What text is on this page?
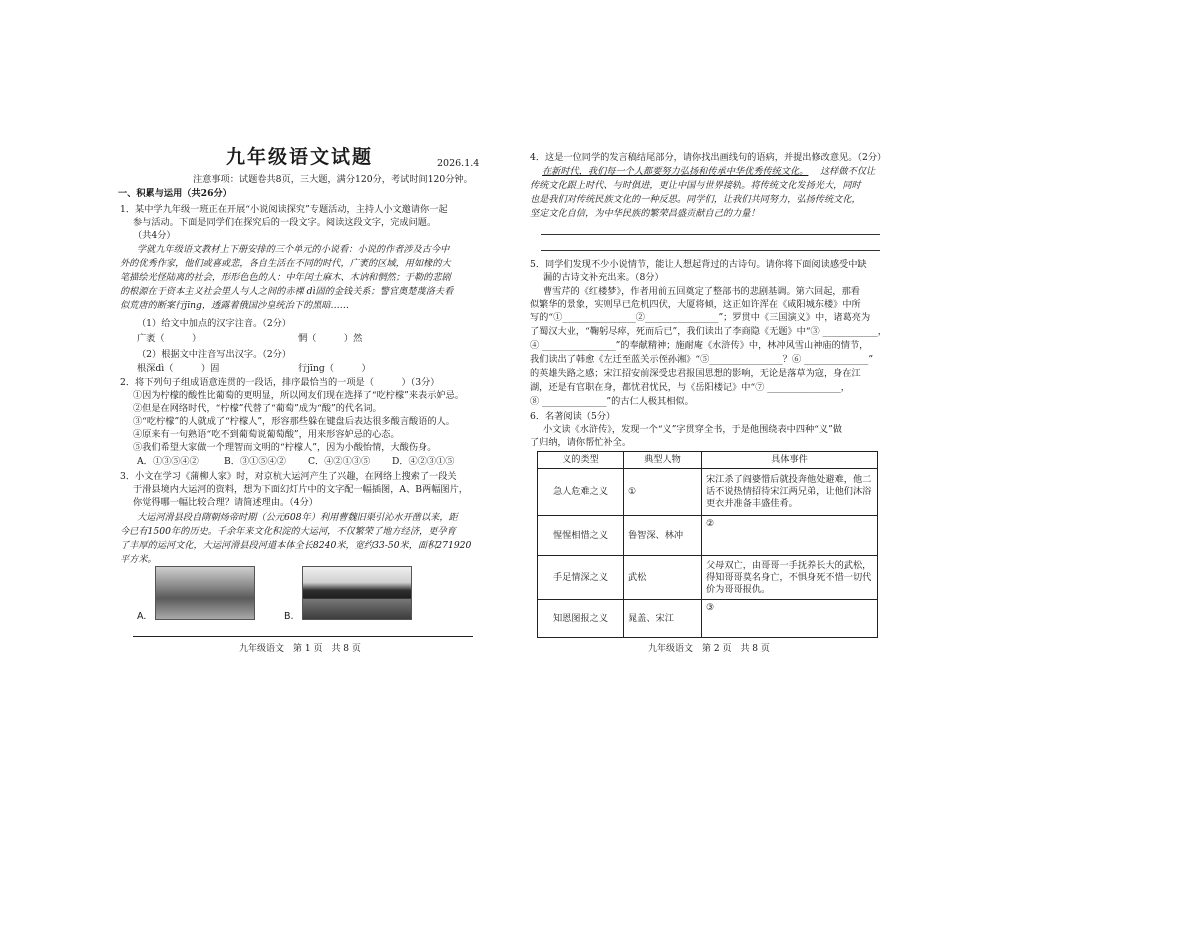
九年级语文试题	2026.1.4
注意事项：试题卷共8页，三大题，满分120分，考试时间120分钟。
一、积累与运用（共26分）
1．某中学九年级一班正在开展“小说阅读探究”专题活动，主持人小文邀请你一起
参与活动。下面是同学们在探究后的一段文字。阅读这段文字，完成问题。
（共4分）
学就九年级语文教材上下册安排的三个单元的小说看：小说的作者涉及古今中
外的优秀作家，他们或喜或悲，各自生活在不同的时代，广袤的区域，用如椽的大
笔描绘光怪陆离的社会，形形色色的人：中年闰土麻木、木讷和惘然；于勒的悲剧
的根源在于资本主义社会里人与人之间的赤裸 dì固的金钱关系；警官奥楚蔑洛夫看
似荒唐的断案行jīng，透露着俄国沙皇统治下的黑暗……
（1）给文中加点的汉字注音。（2分）
广袤（　　　）	惘（　　　）然
（2）根据文中注音写出汉字。（2分）
根深dì（　　　）固	行jīng（　　　）
2．将下列句子组成语意连贯的一段话，排序最恰当的一项是（　　　）（3分）
①因为柠檬的酸性比葡萄的更明显，所以网友们现在选择了“吃柠檬”来表示妒忌。
②但是在网络时代，“柠檬”代替了“葡萄”成为“酸”的代名词。
③“吃柠檬”的人就成了“柠檬人”，形容那些躲在键盘后表达很多酸言酸语的人。
④原来有一句熟语“吃不到葡萄说葡萄酸”，用来形容妒忌的心态。
⑤我们希望大家做一个理智而文明的“柠檬人”，因为小酸怡情，大酸伤身。
A．①③⑤④②	B．③①⑤④② C．④②①③⑤ D．④②③①⑤
3．小文在学习《蒲柳人家》时，对京杭大运河产生了兴趣，在网络上搜索了一段关
于滑县境内大运河的资料，想为下面幻灯片中的文字配一幅插图，A、B两幅图片，
你觉得哪一幅比较合理？请简述理由。（4分）
大运河滑县段自隋朝炀帝时期（公元608年）利用曹魏旧渠引沁水开凿以来，距
今已有1500年的历史。千余年来文化积淀的大运河，不仅繁荣了地方经济，更孕育
了丰厚的运河文化，大运河滑县段河道本体全长8240米，宽约33-50米，面积271920
平方米。
A.	B.
九年级语文　第 1 页　共 8 页
4．这是一位同学的发言稿结尾部分，请你找出画线句的语病，并提出修改意见。（2分）
在新时代，我们每一个人都要努力弘扬和传承中华优秀传统文化。 这样做不仅让
传统文化跟上时代、与时俱进，更让中国与世界接轨。将传统文化发扬光大，同时
也是我们对传统民族文化的一种反思。同学们，让我们共同努力，弘扬传统文化，
坚定文化自信，为中华民族的繁荣昌盛贡献自己的力量！
5．同学们发现不少小说情节，能让人想起背过的古诗句。请你将下面阅读感受中缺
漏的古诗文补充出来。（8分）
曹雪芹的《红楼梦》，作者用前五回奠定了整部书的悲剧基调。第六回起，那看
似繁华的景象，实则早已危机四伏，大厦将倾，这正如许浑在《咸阳城东楼》中所
写的“①________________②________________”；罗贯中《三国演义》中，诸葛亮为
了蜀汉大业，“鞠躬尽瘁，死而后已”，我们读出了李商隐《无题》中“③ ____________，
④ ________________”的奉献精神；施耐庵《水浒传》中，林冲风雪山神庙的情节，
我们读出了韩愈《左迁至蓝关示侄孙湘》“⑤________________？⑥ ______________”
的英雄失路之感；宋江招安前深受忠君报国思想的影响，无论是落草为寇，身在江
湖，还是有官职在身，都忧君忧民，与《岳阳楼记》中“⑦ ________________，
⑧ ______________”的古仁人极其相似。
6．名著阅读（5分）
小文读《水浒传》，发现一个“义”字贯穿全书，于是他围绕表中四种“义”做
了归纳，请你帮忙补全。
义的类型	典型人物	具体事件
急人危难之义	①	宋江杀了阎婆惜后就投奔他处避难，他二话不说热情招待宋江两兄弟，让他们沐浴更衣并准备丰盛佳肴。
惺惺相惜之义	鲁智深、林冲	②
手足情深之义	武松	父母双亡，由哥哥一手抚养长大的武松，得知哥哥莫名身亡，不惧身死不惜一切代价为哥哥报仇。
知恩图报之义	晁盖、宋江	③
九年级语文　第 2 页　共 8 页
